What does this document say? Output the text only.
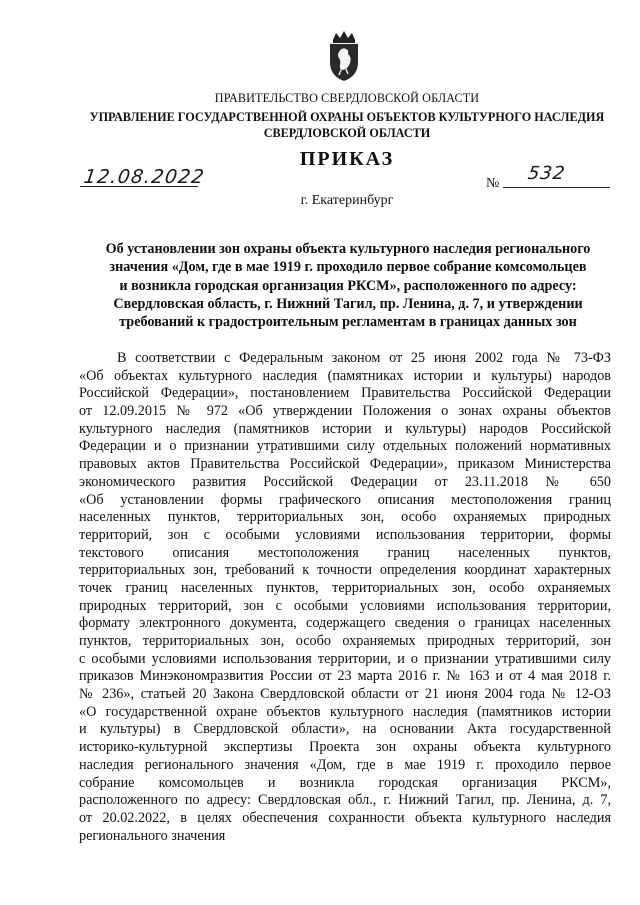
ПРАВИТЕЛЬСТВО СВЕРДЛОВСКОЙ ОБЛАСТИ
УПРАВЛЕНИЕ ГОСУДАРСТВЕННОЙ ОХРАНЫ ОБЪЕКТОВ КУЛЬТУРНОГО НАСЛЕДИЯ
СВЕРДЛОВСКОЙ ОБЛАСТИ
ПРИКАЗ
12.08.2022	№ 532
г. Екатеринбург
Об установлении зон охраны объекта культурного наследия регионального
значения «Дом, где в мае 1919 г. проходило первое собрание комсомольцев
и возникла городская организация РКСМ», расположенного по адресу:
Свердловская область, г. Нижний Тагил, пр. Ленина, д. 7, и утверждении
требований к градостроительным регламентам в границах данных зон
В соответствии с Федеральным законом от 25 июня 2002 года № 73-ФЗ
«Об объектах культурного наследия (памятниках истории и культуры) народов
Российской Федерации», постановлением Правительства Российской Федерации
от 12.09.2015 № 972 «Об утверждении Положения о зонах охраны объектов
культурного наследия (памятников истории и культуры) народов Российской
Федерации и о признании утратившими силу отдельных положений нормативных
правовых актов Правительства Российской Федерации», приказом Министерства
экономического развития Российской Федерации от 23.11.2018 № 650
«Об установлении формы графического описания местоположения границ
населенных пунктов, территориальных зон, особо охраняемых природных
территорий, зон с особыми условиями использования территории, формы
текстового описания местоположения границ населенных пунктов,
территориальных зон, требований к точности определения координат характерных
точек границ населенных пунктов, территориальных зон, особо охраняемых
природных территорий, зон с особыми условиями использования территории,
формату электронного документа, содержащего сведения о границах населенных
пунктов, территориальных зон, особо охраняемых природных территорий, зон
с особыми условиями использования территории, и о признании утратившими силу
приказов Минэкономразвития России от 23 марта 2016 г. № 163 и от 4 мая 2018 г.
№ 236», статьей 20 Закона Свердловской области от 21 июня 2004 года № 12-ОЗ
«О государственной охране объектов культурного наследия (памятников истории
и культуры) в Свердловской области», на основании Акта государственной
историко-культурной экспертизы Проекта зон охраны объекта культурного
наследия регионального значения «Дом, где в мае 1919 г. проходило первое
собрание комсомольцев и возникла городская организация РКСМ»,
расположенного по адресу: Свердловская обл., г. Нижний Тагил, пр. Ленина, д. 7,
от 20.02.2022, в целях обеспечения сохранности объекта культурного наследия
регионального значения
